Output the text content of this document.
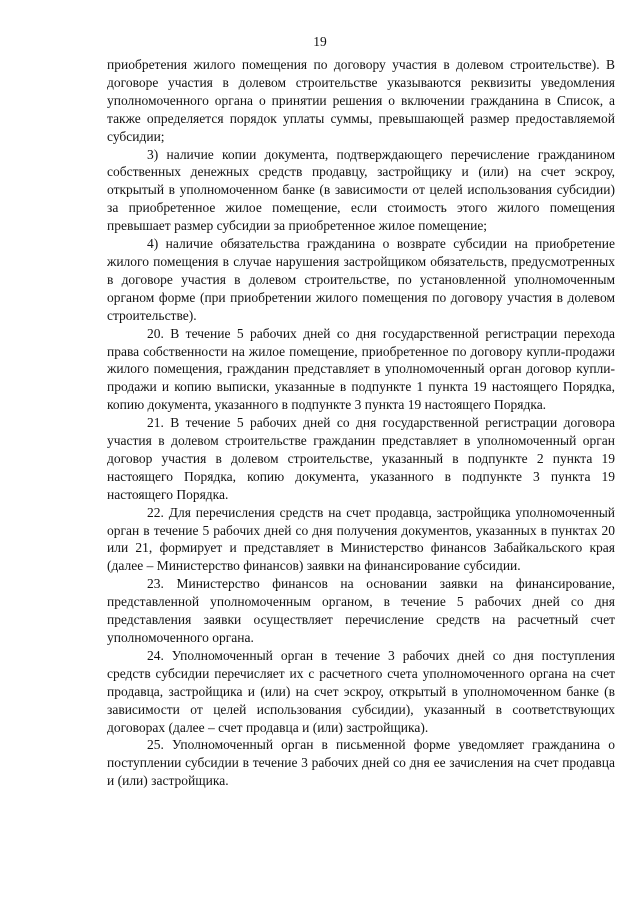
19

приобретения жилого помещения по договору участия в долевом строительстве). В договоре участия в долевом строительстве указываются реквизиты уведомления уполномоченного органа о принятии решения о включении гражданина в Список, а также определяется порядок уплаты суммы, превышающей размер предоставляемой субсидии;

3) наличие копии документа, подтверждающего перечисление гражданином собственных денежных средств продавцу, застройщику и (или) на счет эскроу, открытый в уполномоченном банке (в зависимости от целей использования субсидии) за приобретенное жилое помещение, если стоимость этого жилого помещения превышает размер субсидии за приобретенное жилое помещение;

4) наличие обязательства гражданина о возврате субсидии на приобретение жилого помещения в случае нарушения застройщиком обязательств, предусмотренных в договоре участия в долевом строительстве, по установленной уполномоченным органом форме (при приобретении жилого помещения по договору участия в долевом строительстве).

20. В течение 5 рабочих дней со дня государственной регистрации перехода права собственности на жилое помещение, приобретенное по договору купли-продажи жилого помещения, гражданин представляет в уполномоченный орган договор купли-продажи и копию выписки, указанные в подпункте 1 пункта 19 настоящего Порядка, копию документа, указанного в подпункте 3 пункта 19 настоящего Порядка.

21. В течение 5 рабочих дней со дня государственной регистрации договора участия в долевом строительстве гражданин представляет в уполномоченный орган договор участия в долевом строительстве, указанный в подпункте 2 пункта 19 настоящего Порядка, копию документа, указанного в подпункте 3 пункта 19 настоящего Порядка.

22. Для перечисления средств на счет продавца, застройщика уполномоченный орган в течение 5 рабочих дней со дня получения документов, указанных в пунктах 20 или 21, формирует и представляет в Министерство финансов Забайкальского края (далее – Министерство финансов) заявки на финансирование субсидии.

23. Министерство финансов на основании заявки на финансирование, представленной уполномоченным органом, в течение 5 рабочих дней со дня представления заявки осуществляет перечисление средств на расчетный счет уполномоченного органа.

24. Уполномоченный орган в течение 3 рабочих дней со дня поступления средств субсидии перечисляет их с расчетного счета уполномоченного органа на счет продавца, застройщика и (или) на счет эскроу, открытый в уполномоченном банке (в зависимости от целей использования субсидии), указанный в соответствующих договорах (далее – счет продавца и (или) застройщика).

25. Уполномоченный орган в письменной форме уведомляет гражданина о поступлении субсидии в течение 3 рабочих дней со дня ее зачисления на счет продавца и (или) застройщика.
